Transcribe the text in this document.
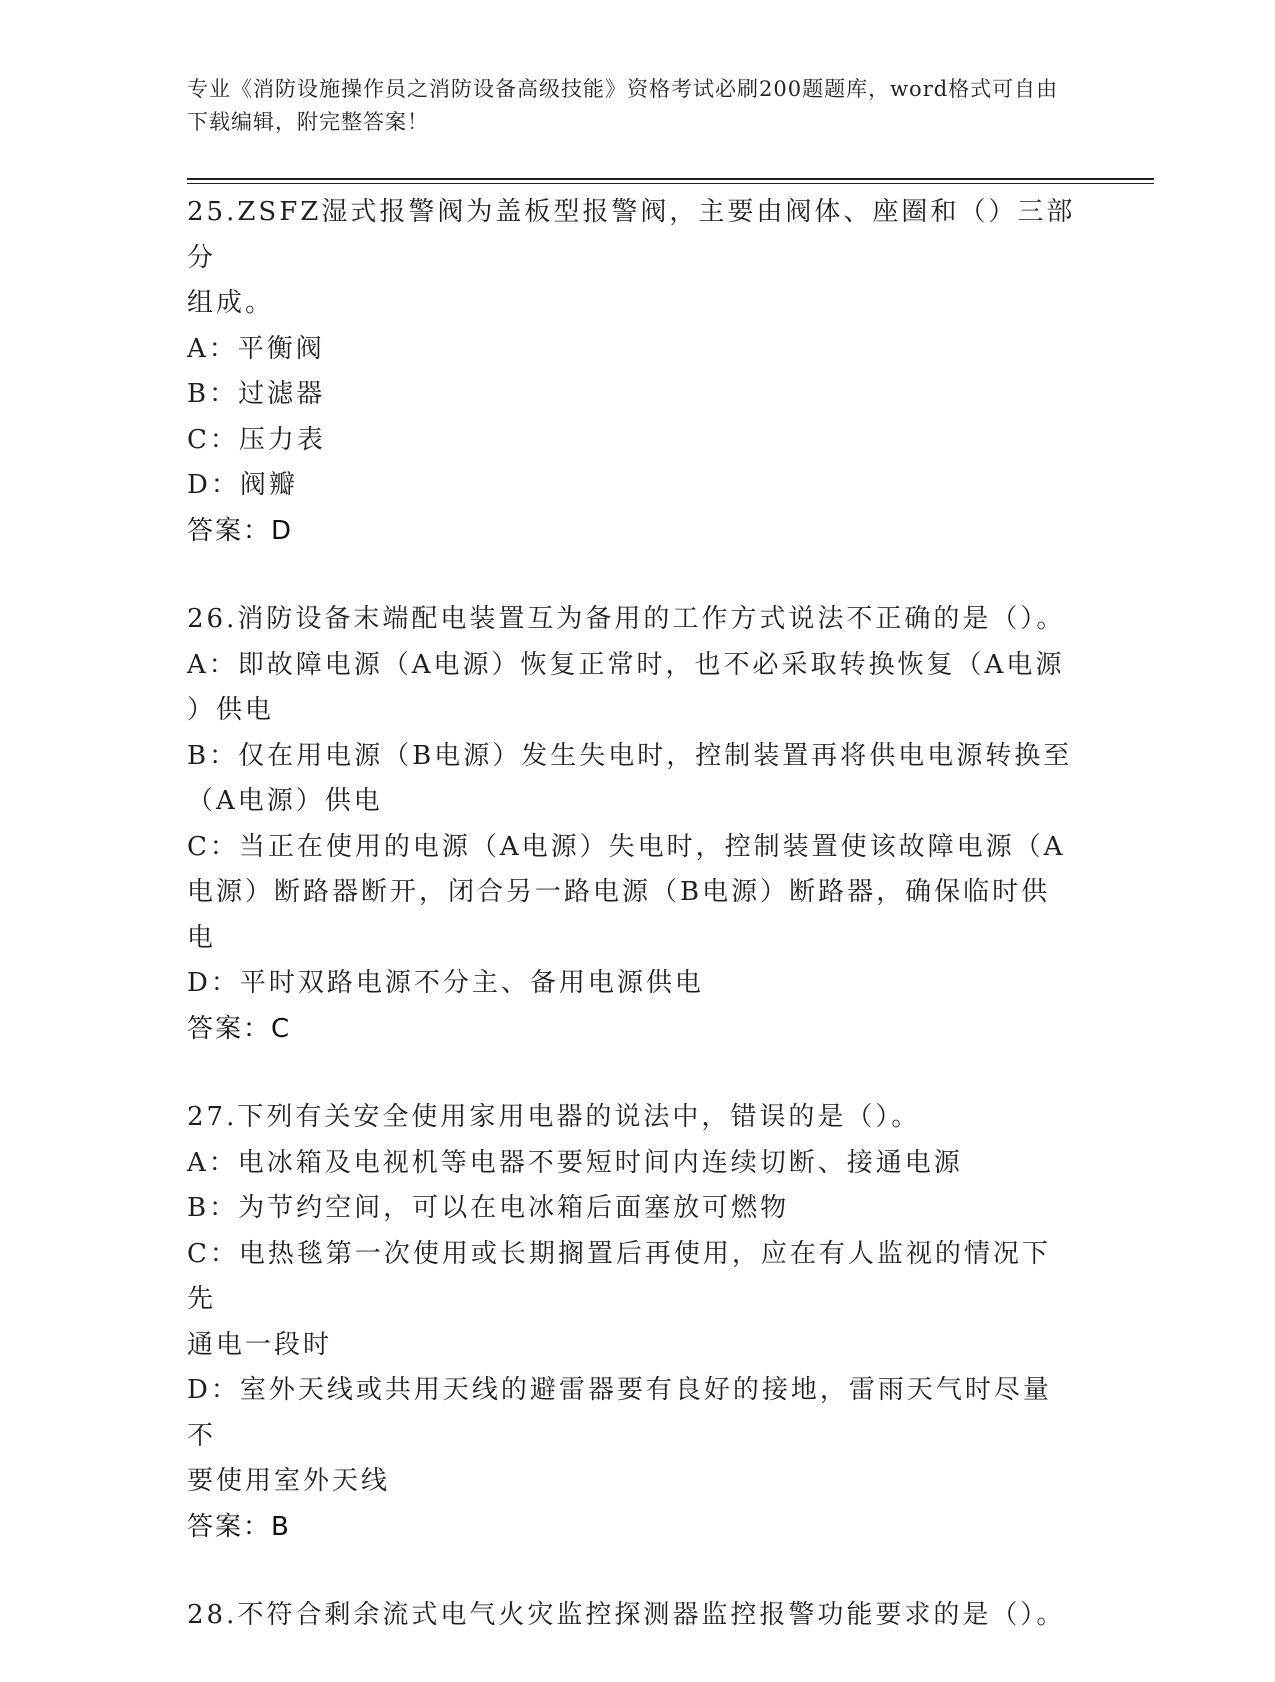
专业《消防设施操作员之消防设备高级技能》资格考试必刷200题题库，word格式可自由下载编辑，附完整答案！
25.ZSFZ湿式报警阀为盖板型报警阀，主要由阀体、座圈和（）三部分
组成。
A：平衡阀
B：过滤器
C：压力表
D：阀瓣
答案：D
26.消防设备末端配电装置互为备用的工作方式说法不正确的是（）。
A：即故障电源（A电源）恢复正常时，也不必采取转换恢复（A电源
）供电
B：仅在用电源（B电源）发生失电时，控制装置再将供电电源转换至
（A电源）供电
C：当正在使用的电源（A电源）失电时，控制装置使该故障电源（A
电源）断路器断开，闭合另一路电源（B电源）断路器，确保临时供电
D：平时双路电源不分主、备用电源供电
答案：C
27.下列有关安全使用家用电器的说法中，错误的是（）。
A：电冰箱及电视机等电器不要短时间内连续切断、接通电源
B：为节约空间，可以在电冰箱后面塞放可燃物
C：电热毯第一次使用或长期搁置后再使用，应在有人监视的情况下先
通电一段时
D：室外天线或共用天线的避雷器要有良好的接地，雷雨天气时尽量不
要使用室外天线
答案：B
28.不符合剩余流式电气火灾监控探测器监控报警功能要求的是（）。
